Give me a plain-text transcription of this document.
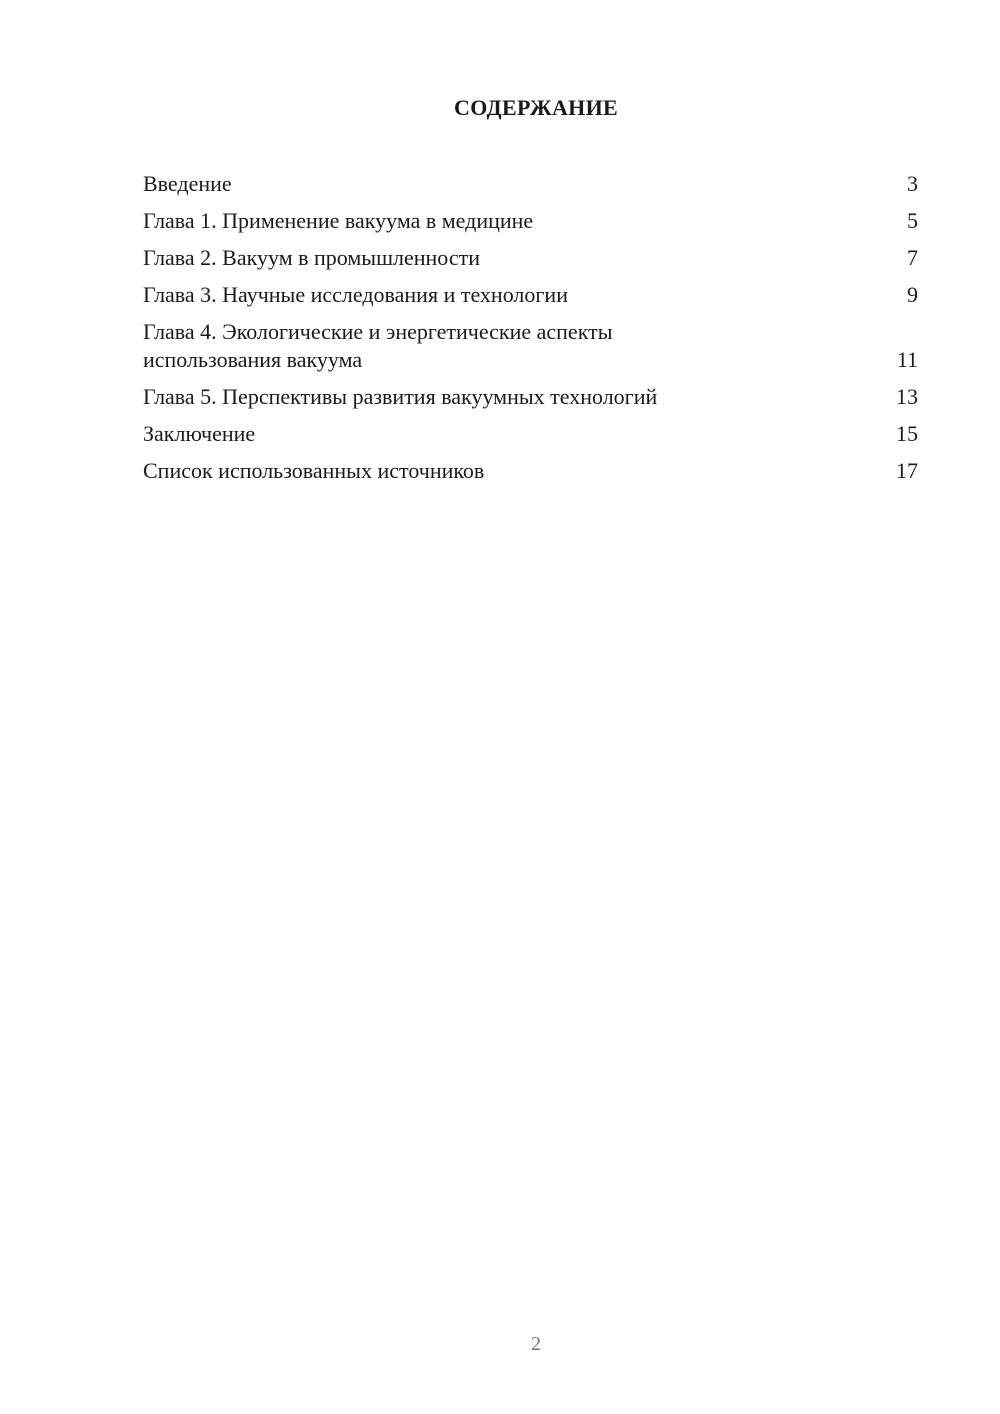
СОДЕРЖАНИЕ
Введение	3
Глава 1. Применение вакуума в медицине	5
Глава 2. Вакуум в промышленности	7
Глава 3. Научные исследования и технологии	9
Глава 4. Экологические и энергетические аспекты использования вакуума	11
Глава 5. Перспективы развития вакуумных технологий	13
Заключение	15
Список использованных источников	17
2
